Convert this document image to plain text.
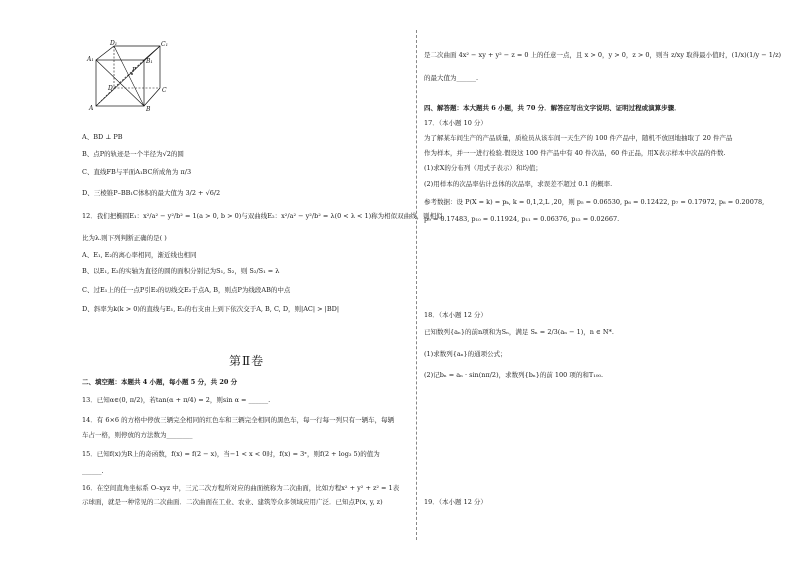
D₁	C₁
A₁	B₁
A	B
C
D
P
A、BD ⊥ PB
B、点P的轨迹是一个半径为√2的圆
C、直线FB与平面A₁BC所成角为 π/3
D、三棱锥P–BB₁C体积的最大值为 3/2 + √6/2
12．我们把椭圆E₁：x²/a² − y²/b² = 1(a > 0, b > 0)与双曲线E₂：x²/a² − y²/b² = λ(0 < λ < 1)称为相似双曲线，则相似
比为λ.则下列判断正确的是( )
A、E₁, E₂的离心率相同，渐近线也相同
B、以E₁, E₂的实轴为直径的圆的面积分别记为S₁, S₂，则 S₂/S₁ = λ
C、过E₁上的任一点P引E₂的切线交E₂于点A, B，则点P为线段AB的中点
D、斜率为k(k > 0)的直线与E₁, E₂的右支由上到下依次交于A, B, C, D，则|AC| > |BD|
第Ⅱ卷
二、填空题：本题共 4 小题，每小题 5 分，共 20 分
13．已知α∈(0, π/2)，若tan(α + π/4) = 2，则sin α = ______.
14．有 6×6 的方格中停放三辆完全相同的红色车和三辆完全相同的黑色车，每一行每一列只有一辆车，每辆
车占一格，则停放的方法数为________
15．已知f(x)为R上的奇函数，f(x) = f(2 − x)，当−1 < x < 0时，f(x) = 3ˣ，则f(2 + log₃ 5)的值为
______.
16．在空间直角坐标系 O–xyz 中，三元二次方程所对应的曲面统称为二次曲面，比如方程x² + y² + z² = 1表
示球面，就是一种常见的二次曲面．二次曲面在工业、农业、建筑等众多领域应用广泛．已知点P(x, y, z)
是二次曲面 4x² − xy + y² − z = 0 上的任意一点，且 x > 0，y > 0，z > 0，则当 z/xy 取得最小值时，(1/x)(1/y − 1/z)
的最大值为______.
四、解答题：本大题共 6 小题，共 70 分．解答应写出文字说明、证明过程或演算步骤．
17．（本小题 10 分）
为了解某车间生产的产品质量，质检员从该车间一天生产的 100 件产品中，随机不放回地抽取了 20 件产品
作为样本，并一一进行检验.假设这 100 件产品中有 40 件次品，60 件正品，用X表示样本中次品的件数.
(1)求X的分布列（用式子表示）和均值；
(2)用样本的次品率估计总体的次品率，求误差不超过 0.1 的概率.
参考数据：设 P(X = k) = pₖ, k = 0,1,2,L ,20，则 p₅ = 0.06530, p₆ = 0.12422, p₇ = 0.17972, p₈ = 0.20078,
p₉ = 0.17483, p₁₀ = 0.11924, p₁₁ = 0.06376, p₁₂ = 0.02667.
18．（本小题 12 分）
已知数列{aₙ}的前n项和为Sₙ，满足 Sₙ = 2/3(aₙ − 1)，n ∈ N*.
(1)求数列{aₙ}的通项公式；
(2)记bₙ = aₙ · sin(nπ/2)，求数列{bₙ}的前 100 项的和T₁₀₀.
19．（本小题 12 分）
